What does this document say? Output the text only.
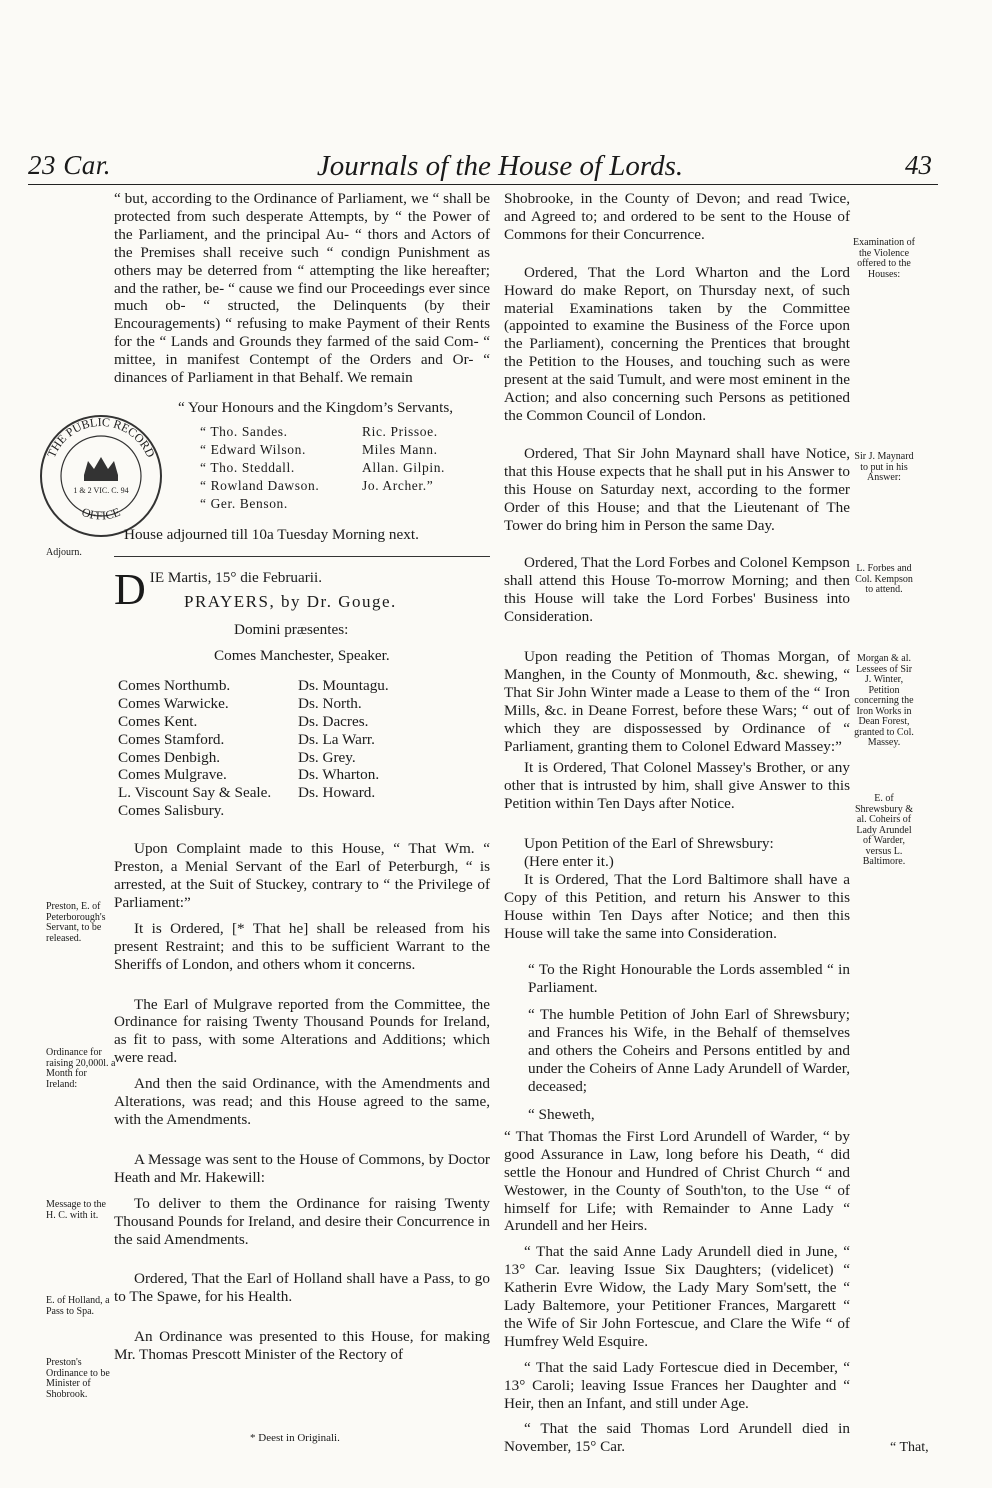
23 Car.	Journals of the House of Lords.	43
THE PUBLIC RECORD
OFFICE
1 & 2 VIC. C. 94

“ but, according to the Ordinance of Parliament, we “ shall be protected from such desperate Attempts, by “ the Power of the Parliament, and the principal Au- “ thors and Actors of the Premises shall receive such “ condign Punishment as others may be deterred from “ attempting the like hereafter; and the rather, be- “ cause we find our Proceedings ever since much ob- “ structed, the Delinquents (by their Encouragements) “ refusing to make Payment of their Rents for the “ Lands and Grounds they farmed of the said Com- “ mittee, in manifest Contempt of the Orders and Or- “ dinances of Parliament in that Behalf. We remain

“ Your Honours and the Kingdom’s Servants,

“ Tho. Sandes.	Ric. Prissoe.
“ Edward Wilson.	Miles Mann.
“ Tho. Steddall.	Allan. Gilpin.
“ Rowland Dawson.	Jo. Archer.”
“ Ger. Benson.

House adjourned till 10a Tuesday Morning next.

D IE Martis, 15° die Februarii.

PRAYERS, by Dr. Gouge.

Domini præsentes:

Comes Manchester, Speaker.

Comes Northumb.	Ds. Mountagu.
Comes Warwicke.	Ds. North.
Comes Kent.	Ds. Dacres.
Comes Stamford.	Ds. La Warr.
Comes Denbigh.	Ds. Grey.
Comes Mulgrave.	Ds. Wharton.
L. Viscount Say & Seale.	Ds. Howard.
Comes Salisbury.

Upon Complaint made to this House, “ That Wm. “ Preston, a Menial Servant of the Earl of Peterburgh, “ is arrested, at the Suit of Stuckey, contrary to “ the Privilege of Parliament:”

It is Ordered, [* That he] shall be released from his present Restraint; and this to be sufficient Warrant to the Sheriffs of London, and others whom it concerns.

The Earl of Mulgrave reported from the Committee, the Ordinance for raising Twenty Thousand Pounds for Ireland, as fit to pass, with some Alterations and Additions; which were read.

And then the said Ordinance, with the Amendments and Alterations, was read; and this House agreed to the same, with the Amendments.

A Message was sent to the House of Commons, by Doctor Heath and Mr. Hakewill:

To deliver to them the Ordinance for raising Twenty Thousand Pounds for Ireland, and desire their Concurrence in the said Amendments.

Ordered, That the Earl of Holland shall have a Pass, to go to The Spawe, for his Health.

An Ordinance was presented to this House, for making Mr. Thomas Prescott Minister of the Rectory of

Adjourn.
Preston, E. of Peterborough's Servant, to be released.
Ordinance for raising 20,000l. a Month for Ireland:
Message to the H. C. with it.
E. of Holland, a Pass to Spa.
Preston's Ordinance to be Minister of Shobrook.

Shobrooke, in the County of Devon; and read Twice, and Agreed to; and ordered to be sent to the House of Commons for their Concurrence.

Ordered, That the Lord Wharton and the Lord Howard do make Report, on Thursday next, of such material Examinations taken by the Committee (appointed to examine the Business of the Force upon the Parliament), concerning the Prentices that brought the Petition to the Houses, and touching such as were present at the said Tumult, and were most eminent in the Action; and also concerning such Persons as petitioned the Common Council of London.

Ordered, That Sir John Maynard shall have Notice, that this House expects that he shall put in his Answer to this House on Saturday next, according to the former Order of this House; and that the Lieutenant of The Tower do bring him in Person the same Day.

Ordered, That the Lord Forbes and Colonel Kempson shall attend this House To-morrow Morning; and then this House will take the Lord Forbes' Business into Consideration.

Upon reading the Petition of Thomas Morgan, of Manghen, in the County of Monmouth, &c. shewing, “ That Sir John Winter made a Lease to them of the “ Iron Mills, &c. in Deane Forrest, before these Wars; “ out of which they are dispossessed by Ordinance of “ Parliament, granting them to Colonel Edward Massey:”

It is Ordered, That Colonel Massey's Brother, or any other that is intrusted by him, shall give Answer to this Petition within Ten Days after Notice.

Upon Petition of the Earl of Shrewsbury:

(Here enter it.)

It is Ordered, That the Lord Baltimore shall have a Copy of this Petition, and return his Answer to this House within Ten Days after Notice; and then this House will take the same into Consideration.

“ To the Right Honourable the Lords assembled “ in Parliament.

“ The humble Petition of John Earl of Shrewsbury; and Frances his Wife, in the Behalf of themselves and others the Coheirs and Persons entitled by and under the Coheirs of Anne Lady Arundell of Warder, deceased;

“ Sheweth,

“ That Thomas the First Lord Arundell of Warder, “ by good Assurance in Law, long before his Death, “ did settle the Honour and Hundred of Christ Church “ and Westower, in the County of South'ton, to the Use “ of himself for Life; with Remainder to Anne Lady “ Arundell and her Heirs.

“ That the said Anne Lady Arundell died in June, “ 13° Car. leaving Issue Six Daughters; (videlicet) “ Katherin Evre Widow, the Lady Mary Som'sett, the “ Lady Baltemore, your Petitioner Frances, Margarett “ the Wife of Sir John Fortescue, and Clare the Wife “ of Humfrey Weld Esquire.

“ That the said Lady Fortescue died in December, “ 13° Caroli; leaving Issue Frances her Daughter and “ Heir, then an Infant, and still under Age.

“ That the said Thomas Lord Arundell died in November, 15° Car.

Examination of the Violence offered to the Houses:
Sir J. Maynard to put in his Answer:
L. Forbes and Col. Kempson to attend.
Morgan & al. Lessees of Sir J. Winter, Petition concerning the Iron Works in Dean Forest, granted to Col. Massey.
E. of Shrewsbury & al. Coheirs of Lady Arundel of Warder, versus L. Baltimore.
* Deest in Originali.
“ That,
